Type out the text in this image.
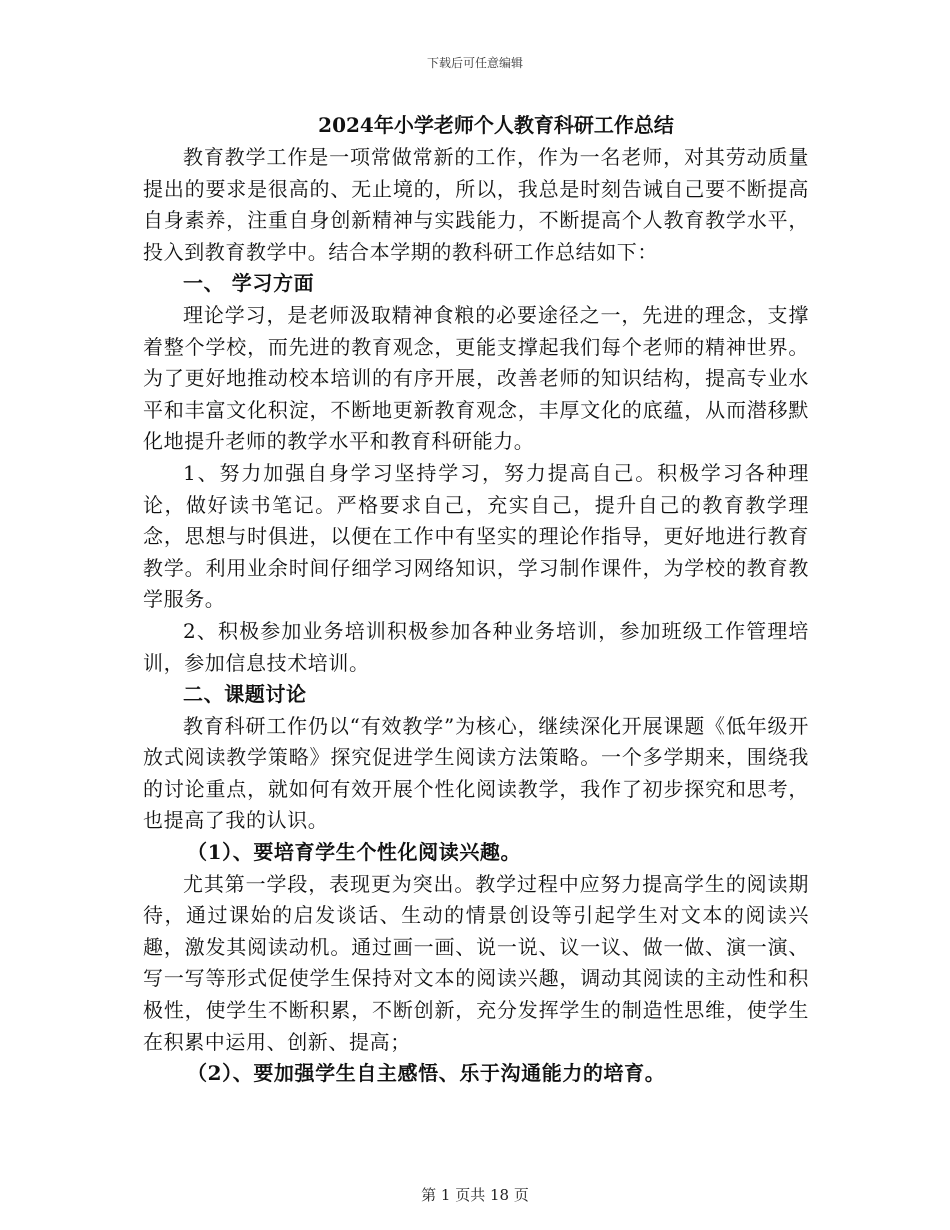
下载后可任意编辑
2024年小学老师个人教育科研工作总结

教育教学工作是一项常做常新的工作，作为一名老师，对其劳动质量提出的要求是很高的、无止境的，所以，我总是时刻告诫自己要不断提高自身素养，注重自身创新精神与实践能力，不断提高个人教育教学水平，投入到教育教学中。结合本学期的教科研工作总结如下：

一、 学习方面

理论学习，是老师汲取精神食粮的必要途径之一，先进的理念，支撑着整个学校，而先进的教育观念，更能支撑起我们每个老师的精神世界。为了更好地推动校本培训的有序开展，改善老师的知识结构，提高专业水平和丰富文化积淀，不断地更新教育观念，丰厚文化的底蕴，从而潜移默化地提升老师的教学水平和教育科研能力。

1、努力加强自身学习坚持学习，努力提高自己。积极学习各种理论，做好读书笔记。严格要求自己，充实自己，提升自己的教育教学理念，思想与时俱进，以便在工作中有坚实的理论作指导，更好地进行教育教学。利用业余时间仔细学习网络知识，学习制作课件，为学校的教育教学服务。

2、积极参加业务培训积极参加各种业务培训，参加班级工作管理培训，参加信息技术培训。

二、课题讨论

教育科研工作仍以“有效教学”为核心，继续深化开展课题《低年级开放式阅读教学策略》探究促进学生阅读方法策略。一个多学期来，围绕我的讨论重点，就如何有效开展个性化阅读教学，我作了初步探究和思考，也提高了我的认识。

（1）、要培育学生个性化阅读兴趣。

尤其第一学段，表现更为突出。教学过程中应努力提高学生的阅读期待，通过课始的启发谈话、生动的情景创设等引起学生对文本的阅读兴趣，激发其阅读动机。通过画一画、说一说、议一议、做一做、演一演、写一写等形式促使学生保持对文本的阅读兴趣，调动其阅读的主动性和积极性，使学生不断积累，不断创新，充分发挥学生的制造性思维，使学生在积累中运用、创新、提高；

（2）、要加强学生自主感悟、乐于沟通能力的培育。

第 1 页共 18 页
